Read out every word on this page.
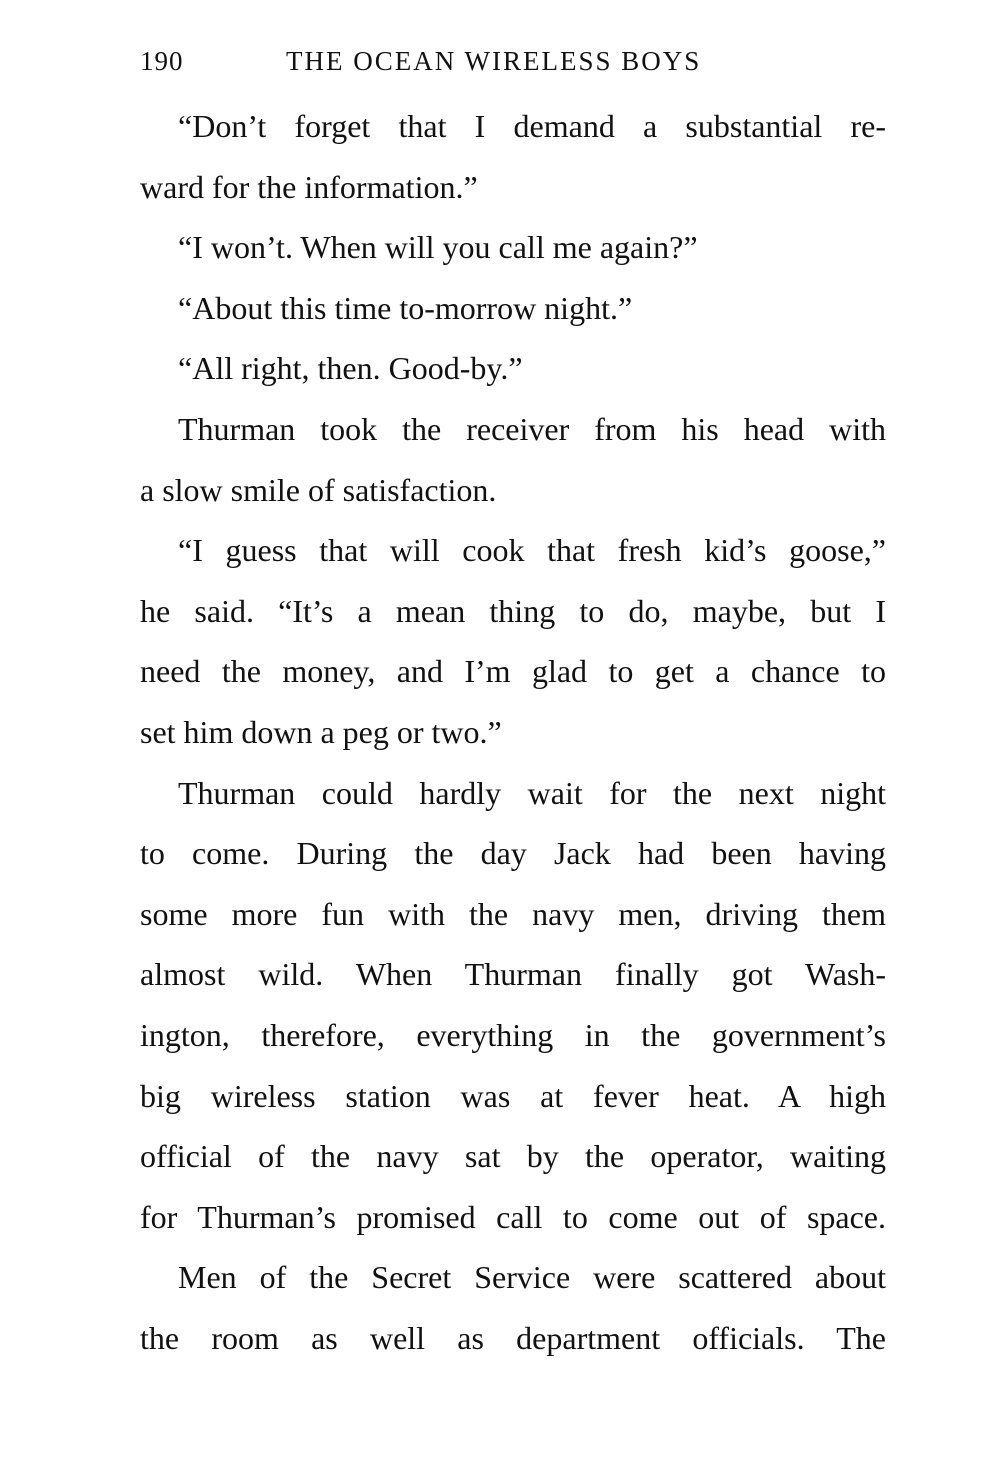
190	THE OCEAN WIRELESS BOYS
“Don’t forget that I demand a substantial re-
ward for the information.”
“I won’t. When will you call me again?”
“About this time to-morrow night.”
“All right, then. Good-by.”
Thurman took the receiver from his head with
a slow smile of satisfaction.
“I guess that will cook that fresh kid’s goose,”
he said. “It’s a mean thing to do, maybe, but I
need the money, and I’m glad to get a chance to
set him down a peg or two.”
Thurman could hardly wait for the next night
to come. During the day Jack had been having
some more fun with the navy men, driving them
almost wild. When Thurman finally got Wash-
ington, therefore, everything in the government’s
big wireless station was at fever heat. A high
official of the navy sat by the operator, waiting
for Thurman’s promised call to come out of space.
Men of the Secret Service were scattered about
the room as well as department officials. The
